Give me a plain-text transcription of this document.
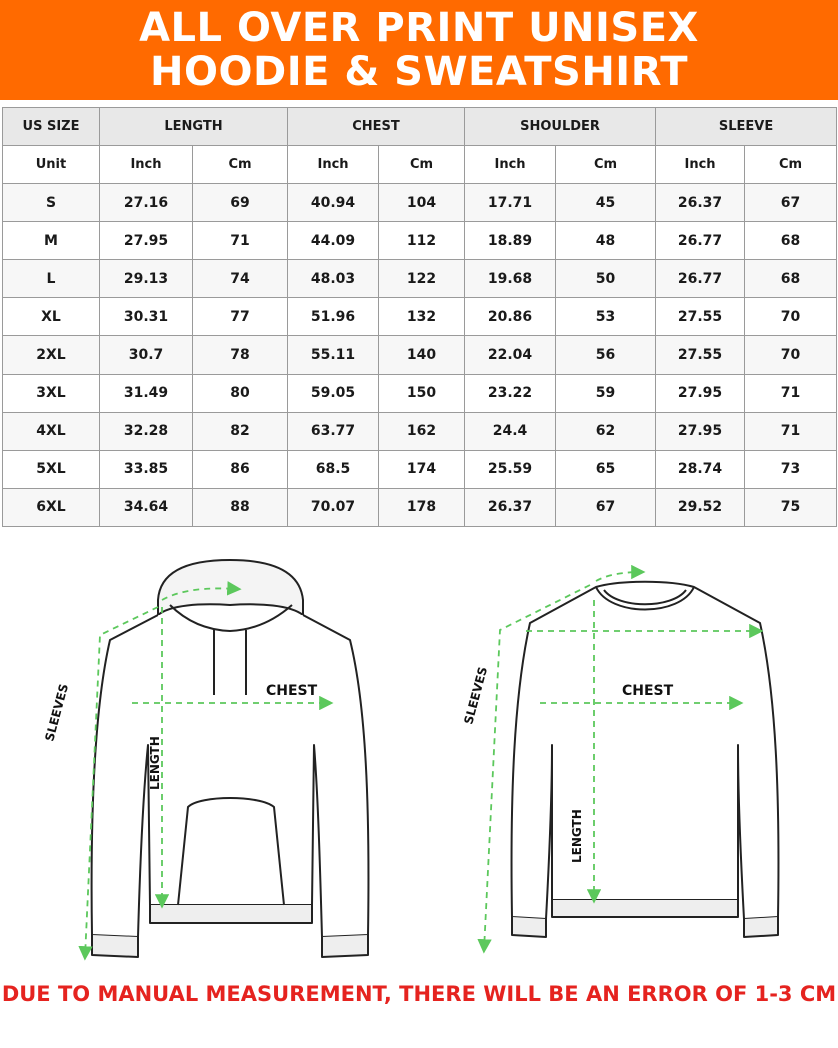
ALL OVER PRINT UNISEX
HOODIE & SWEATSHIRT
US SIZE	LENGTH		CHEST		SHOULDER		SLEEVE	
Unit	Inch	Cm	Inch	Cm	Inch	Cm	Inch	Cm
S	27.16	69	40.94	104	17.71	45	26.37	67
M	27.95	71	44.09	112	18.89	48	26.77	68
L	29.13	74	48.03	122	19.68	50	26.77	68
XL	30.31	77	51.96	132	20.86	53	27.55	70
2XL	30.7	78	55.11	140	22.04	56	27.55	70
3XL	31.49	80	59.05	150	23.22	59	27.95	71
4XL	32.28	82	63.77	162	24.4	62	27.95	71
5XL	33.85	86	68.5	174	25.59	65	28.74	73
6XL	34.64	88	70.07	178	26.37	67	29.52	75
CHEST
LENGTH
SLEEVES	CHEST
LENGTH
SLEEVES
DUE TO MANUAL MEASUREMENT, THERE WILL BE AN ERROR OF 1-3 CM
